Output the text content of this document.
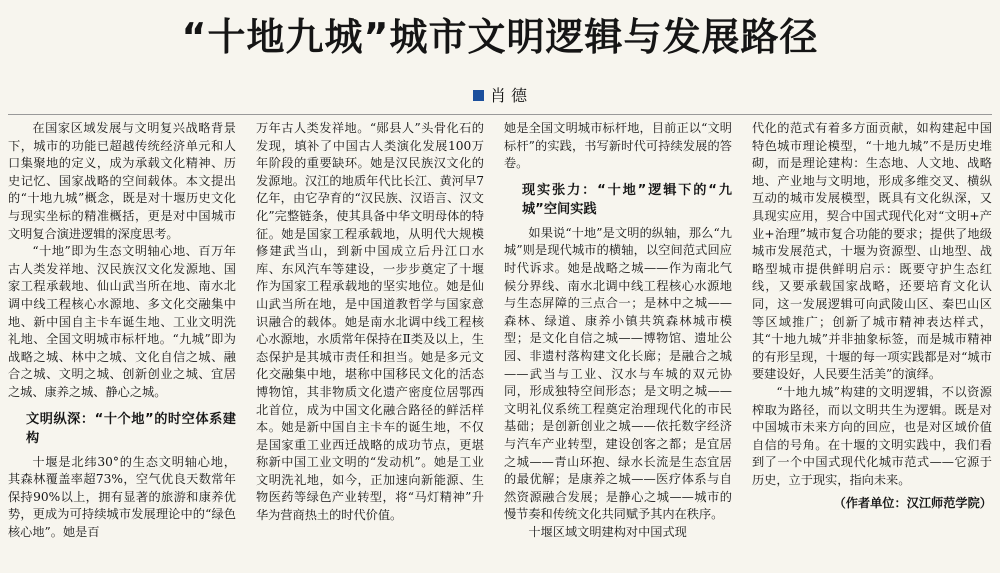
“十地九城”城市文明逻辑与发展路径
肖 德

在国家区域发展与文明复兴战略背景下，城市的功能已超越传统经济单元和人口集聚地的定义，成为承载文化精神、历史记忆、国家战略的空间载体。本文提出的“十地九城”概念，既是对十堰历史文化与现实坐标的精准概括，更是对中国城市文明复合演进逻辑的深度思考。

“十地”即为生态文明轴心地、百万年古人类发祥地、汉民族汉文化发源地、国家工程承载地、仙山武当所在地、南水北调中线工程核心水源地、多文化交融集中地、新中国自主卡车诞生地、工业文明洗礼地、全国文明城市标杆地。“九城”即为战略之城、林中之城、文化自信之城、融合之城、文明之城、创新创业之城、宜居之城、康养之城、静心之城。

文明纵深：“十个地”的时空体系建构

十堰是北纬30°的生态文明轴心地，其森林覆盖率超73%，空气优良天数常年保持90%以上，拥有显著的旅游和康养优势，更成为可持续城市发展理论中的“绿色核心地”。她是百

万年古人类发祥地。“郧县人”头骨化石的发现，填补了中国古人类演化发展100万年阶段的重要缺环。她是汉民族汉文化的发源地。汉江的地质年代比长江、黄河早7亿年，由它孕育的“汉民族、汉语言、汉文化”完整链条，使其具备中华文明母体的特征。她是国家工程承载地，从明代大规模修建武当山，到新中国成立后丹江口水库、东风汽车等建设，一步步奠定了十堰作为国家工程承载地的坚实地位。她是仙山武当所在地，是中国道教哲学与国家意识融合的载体。她是南水北调中线工程核心水源地，水质常年保持在Ⅱ类及以上，生态保护是其城市责任和担当。她是多元文化交融集中地，堪称中国移民文化的活态博物馆，其非物质文化遗产密度位居鄂西北首位，成为中国文化融合路径的鲜活样本。她是新中国自主卡车的诞生地，不仅是国家重工业西迁战略的成功节点，更堪称新中国工业文明的“发动机”。她是工业文明洗礼地，如今，正加速向新能源、生物医药等绿色产业转型，将“马灯精神”升华为营商热土的时代价值。

她是全国文明城市标杆地，目前正以“文明标杆”的实践，书写新时代可持续发展的答卷。

现实张力：“十地”逻辑下的“九城”空间实践

如果说“十地”是文明的纵轴，那么“九城”则是现代城市的横轴，以空间范式回应时代诉求。她是战略之城——作为南北气候分界线、南水北调中线工程核心水源地与生态屏障的三点合一；是林中之城——森林、绿道、康养小镇共筑森林城市模型；是文化自信之城——博物馆、遗址公园、非遗村落构建文化长廊；是融合之城——武当与工业、汉水与车城的双元协同，形成独特空间形态；是文明之城——文明礼仪系统工程奠定治理现代化的市民基础；是创新创业之城——依托数字经济与汽车产业转型，建设创客之都；是宜居之城——青山环抱、绿水长流是生态宜居的最优解；是康养之城——医疗体系与自然资源融合发展；是静心之城——城市的慢节奏和传统文化共同赋予其内在秩序。

十堰区域文明建构对中国式现

代化的范式有着多方面贡献，如构建起中国特色城市理论模型，“十地九城”不是历史堆砌，而是理论建构：生态地、人文地、战略地、产业地与文明地，形成多维交叉、横纵互动的城市发展模型，既具有文化纵深，又具现实应用，契合中国式现代化对“文明+产业+治理”城市复合功能的要求；提供了地级城市发展范式，十堰为资源型、山地型、战略型城市提供鲜明启示：既要守护生态红线，又要承载国家战略，还要培育文化认同，这一发展逻辑可向武陵山区、秦巴山区等区域推广；创新了城市精神表达样式，其“十地九城”并非抽象标签，而是城市精神的有形呈现，十堰的每一项实践都是对“城市要建设好，人民要生活美”的演绎。

“十地九城”构建的文明逻辑，不以资源榨取为路径，而以文明共生为逻辑。既是对中国城市未来方向的回应，也是对区域价值自信的号角。在十堰的文明实践中，我们看到了一个中国式现代化城市范式——它源于历史，立于现实，指向未来。

（作者单位：汉江师范学院）
